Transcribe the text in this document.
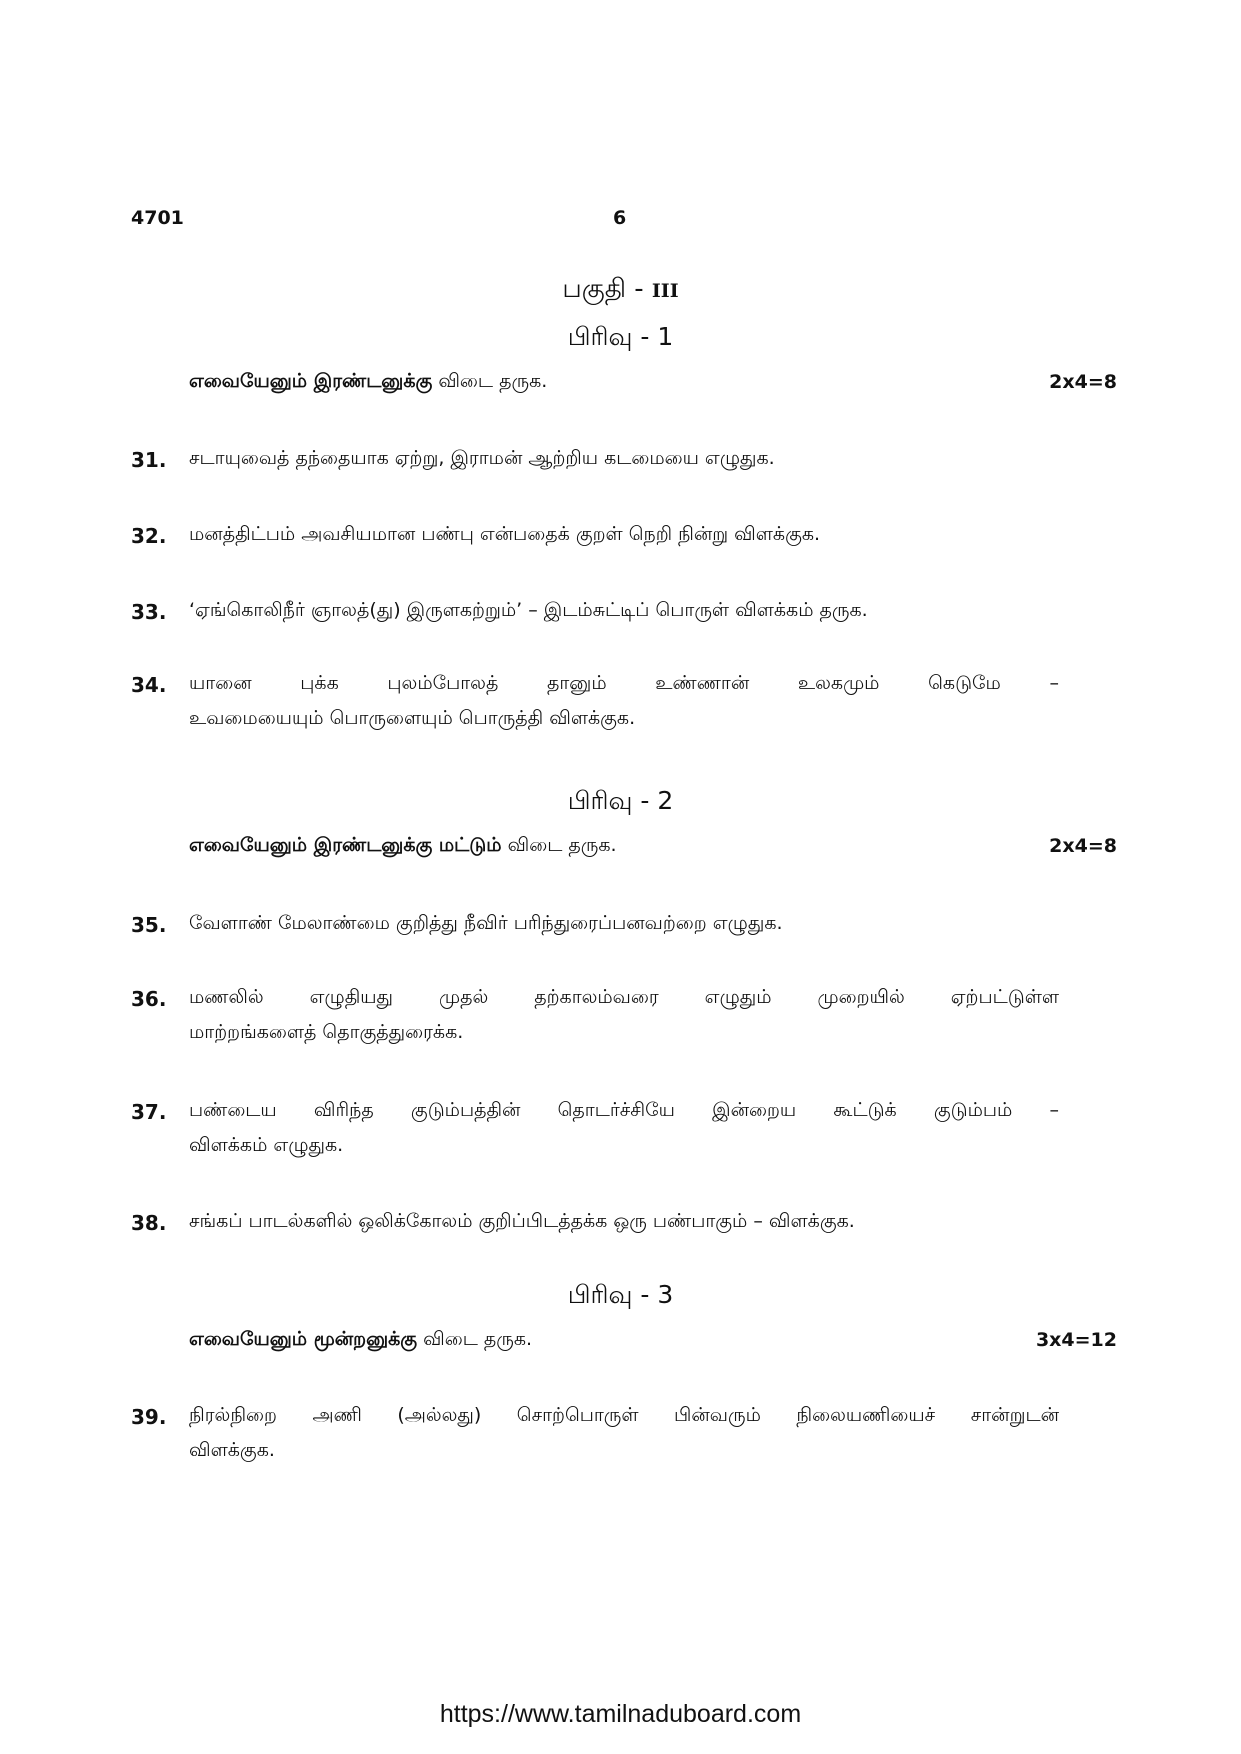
4701	6
பகுதி - III
பிரிவு - 1
எவையேனும் இரண்டனுக்கு விடை தருக.	2x4=8
31. சடாயுவைத் தந்தையாக ஏற்று, இராமன் ஆற்றிய கடமையை எழுதுக.
32. மனத்திட்பம் அவசியமான பண்பு என்பதைக் குறள் நெறி நின்று விளக்குக.
33. ‘ஏங்கொலிநீர் ஞாலத்(து) இருளகற்றும்’ – இடம்சுட்டிப் பொருள் விளக்கம் தருக.
34. யானை புக்க புலம்போலத் தானும் உண்ணான் உலகமும் கெடுமே –
உவமையையும் பொருளையும் பொருத்தி விளக்குக.
பிரிவு - 2
எவையேனும் இரண்டனுக்கு மட்டும் விடை தருக.	2x4=8
35. வேளாண் மேலாண்மை குறித்து நீவிர் பரிந்துரைப்பனவற்றை எழுதுக.
36. மணலில் எழுதியது முதல் தற்காலம்வரை எழுதும் முறையில் ஏற்பட்டுள்ள
மாற்றங்களைத் தொகுத்துரைக்க.
37. பண்டைய விரிந்த குடும்பத்தின் தொடர்ச்சியே இன்றைய கூட்டுக் குடும்பம் –
விளக்கம் எழுதுக.
38. சங்கப் பாடல்களில் ஒலிக்கோலம் குறிப்பிடத்தக்க ஒரு பண்பாகும் – விளக்குக.
பிரிவு - 3
எவையேனும் மூன்றனுக்கு விடை தருக.	3x4=12
39. நிரல்நிறை அணி (அல்லது) சொற்பொருள் பின்வரும் நிலையணியைச் சான்றுடன்
விளக்குக.
https://www.tamilnaduboard.com
